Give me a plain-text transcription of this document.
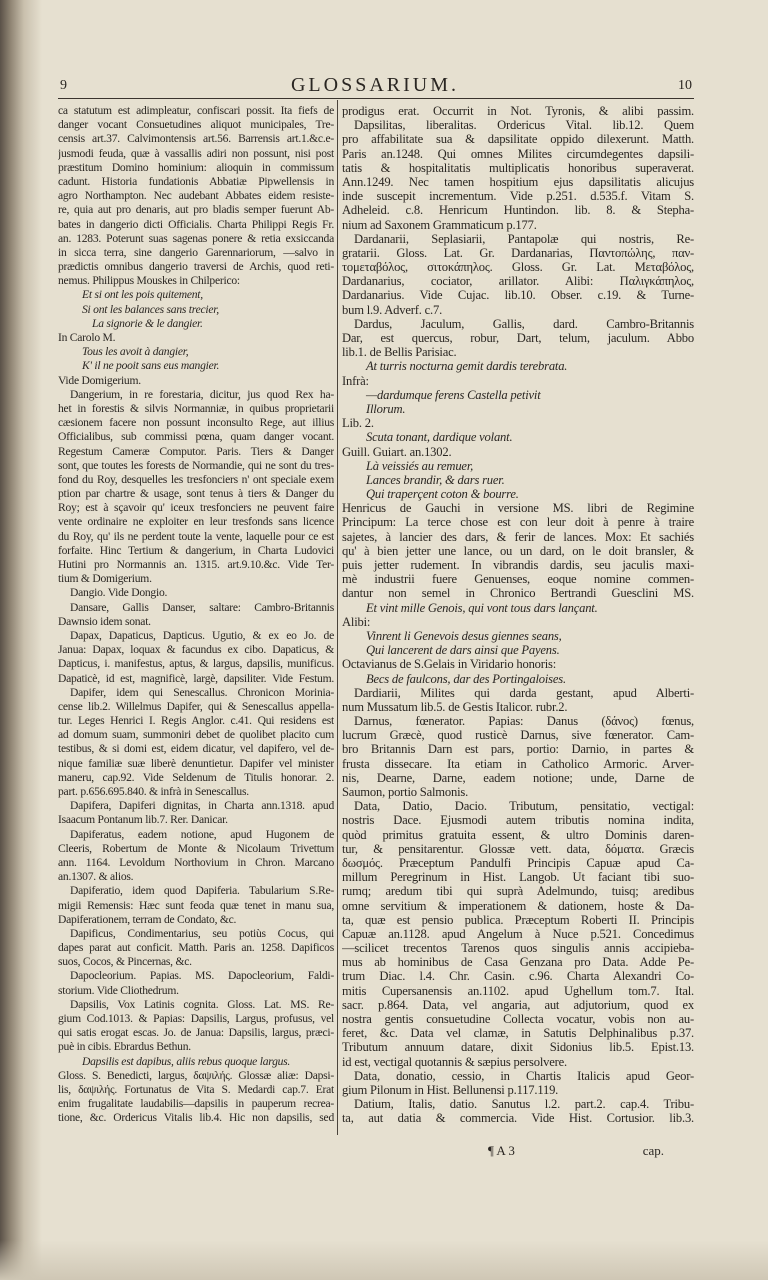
9	GLOSSARIUM.	10
ca statutum est adimpleatur, confiscari possit. Ita fiefs de
danger vocant Consuetudines aliquot municipales, Tre-
censis art.37. Calvimontensis art.56. Barrensis art.1.&c.e-
jusmodi feuda, quæ à vassallis adiri non possunt, nisi post
præstitum Domino hominium: alioquin in commissum
cadunt. Historia fundationis Abbatiæ Pipwellensis in
agro Northampton. Nec audebant Abbates eidem resiste-
re, quia aut pro denaris, aut pro bladis semper fuerunt Ab-
bates in dangerio dicti Officialis. Charta Philippi Regis Fr.
an. 1283. Poterunt suas sagenas ponere & retia exsiccanda
in sicca terra, sine dangerio Garennariorum, —salvo in
prædictis omnibus dangerio traversi de Archis, quod reti-
nemus. Philippus Mouskes in Chilperico:
Et si ont les pois quitement,
Si ont les balances sans trecier,
La signorie & le dangier.
In Carolo M.
Tous les avoit à dangier,
K' il ne pooit sans eus mangier.
Vide Domigerium.
Dangerium, in re forestaria, dicitur, jus quod Rex ha-
het in forestis & silvis Normanniæ, in quibus proprietarii
cæsionem facere non possunt inconsulto Rege, aut illius
Officialibus, sub commissi pœna, quam danger vocant.
Regestum Cameræ Computor. Paris. Tiers & Danger
sont, que toutes les forests de Normandie, qui ne sont du tres-
fond du Roy, desquelles les tresfonciers n' ont speciale exem
ption par chartre & usage, sont tenus à tiers & Danger du
Roy; est à sçavoir qu' iceux tresfonciers ne peuvent faire
vente ordinaire ne exploiter en leur tresfonds sans licence
du Roy, qu' ils ne perdent toute la vente, laquelle pour ce est
forfaite. Hinc Tertium & dangerium, in Charta Ludovici
Hutini pro Normannis an. 1315. art.9.10.&c. Vide Ter-
tium & Domigerium.
Dangio. Vide Dongio.
Dansare, Gallis Danser, saltare: Cambro-Britannis
Dawnsio idem sonat.
Dapax, Dapaticus, Dapticus. Ugutio, & ex eo Jo. de
Janua: Dapax, loquax & facundus ex cibo. Dapaticus, &
Dapticus, i. manifestus, aptus, & largus, dapsilis, munificus.
Dapaticè, id est, magnificè, largè, dapsiliter. Vide Festum.
Dapifer, idem qui Senescallus. Chronicon Morinia-
cense lib.2. Willelmus Dapifer, qui & Senescallus appella-
tur. Leges Henrici I. Regis Anglor. c.41. Qui residens est
ad domum suam, summoniri debet de quolibet placito cum
testibus, & si domi est, eidem dicatur, vel dapifero, vel de-
nique familiæ suæ liberè denuntietur. Dapifer vel minister
maneru, cap.92. Vide Seldenum de Titulis honorar. 2.
part. p.656.695.840. & infrà in Senescallus.
Dapifera, Dapiferi dignitas, in Charta ann.1318. apud
Isaacum Pontanum lib.7. Rer. Danicar.
Dapiferatus, eadem notione, apud Hugonem de
Cleeris, Robertum de Monte & Nicolaum Trivettum
ann. 1164. Levoldum Northovium in Chron. Marcano
an.1307. & alios.
Dapiferatio, idem quod Dapiferia. Tabularium S.Re-
migii Remensis: Hæc sunt feoda quæ tenet in manu sua,
Dapiferationem, terram de Condato, &c.
Dapificus, Condimentarius, seu potiùs Cocus, qui
dapes parat aut conficit. Matth. Paris an. 1258. Dapificos
suos, Cocos, & Pincernas, &c.
Dapocleorium. Papias. MS. Dapocleorium, Faldi-
storium. Vide Cliothedrum.
Dapsilis, Vox Latinis cognita. Gloss. Lat. MS. Re-
gium Cod.1013. & Papias: Dapsilis, Largus, profusus, vel
qui satis erogat escas. Jo. de Janua: Dapsilis, largus, præci-
puè in cibis. Ebrardus Bethun.
Dapsilis est dapibus, aliis rebus quoque largus.
Gloss. S. Benedicti, largus, δαψιλής. Glossæ aliæ: Dapsi-
lis, δαψιλής. Fortunatus de Vita S. Medardi cap.7. Erat
enim frugalitate laudabilis—dapsilis in pauperum recrea-
tione, &c. Ordericus Vitalis lib.4. Hic non dapsilis, sed
prodigus erat. Occurrit in Not. Tyronis, & alibi passim.
Dapsilitas, liberalitas. Ordericus Vital. lib.12. Quem
pro affabilitate sua & dapsilitate oppido dilexerunt. Matth.
Paris an.1248. Qui omnes Milites circumdegentes dapsili-
tatis & hospitalitatis multiplicatis honoribus superaverat.
Ann.1249. Nec tamen hospitium ejus dapsilitatis alicujus
inde suscepit incrementum. Vide p.251. d.535.f. Vitam S.
Adheleid. c.8. Henricum Huntindon. lib. 8. & Stepha-
nium ad Saxonem Grammaticum p.177.
Dardanarii, Seplasiarii, Pantapolæ qui nostris, Re-
gratarii. Gloss. Lat. Gr. Dardanarias, Παντοπώλης, παν-
τομεταβόλος, σιτοκάπηλος. Gloss. Gr. Lat. Μεταβόλος,
Dardanarius, cociator, arillator. Alibi: Παλιγκάπηλος,
Dardanarius. Vide Cujac. lib.10. Obser. c.19. & Turne-
bum l.9. Adverf. c.7.
Dardus, Jaculum, Gallis, dard. Cambro-Britannis
Dar, est quercus, robur, Dart, telum, jaculum. Abbo
lib.1. de Bellis Parisiac.
At turris nocturna gemit dardis terebrata.
Infrà:
—dardumque ferens Castella petivit
Illorum.
Lib. 2.
Scuta tonant, dardique volant.
Guill. Guiart. an.1302.
Là veissiés au remuer,
Lances brandir, & dars ruer.
Qui traperçent coton & bourre.
Henricus de Gauchi in versione MS. libri de Regimine
Principum: La terce chose est con leur doit à penre à traire
sajetes, à lancier des dars, & ferir de lances. Mox: Et sachiés
qu' à bien jetter une lance, ou un dard, on le doit bransler, &
puis jetter rudement. In vibrandis dardis, seu jaculis maxi-
mè industrii fuere Genuenses, eoque nomine commen-
dantur non semel in Chronico Bertrandi Guesclini MS.
Et vint mille Genois, qui vont tous dars lançant.
Alibi:
Vinrent li Genevois desus giennes seans,
Qui lancerent de dars ainsi que Payens.
Octavianus de S.Gelais in Viridario honoris:
Becs de faulcons, dar des Portingaloises.
Dardiarii, Milites qui darda gestant, apud Alberti-
num Mussatum lib.5. de Gestis Italicor. rubr.2.
Darnus, fœnerator. Papias: Danus (δάνος) fœnus,
lucrum Græcè, quod rusticè Darnus, sive fœnerator. Cam-
bro Britannis Darn est pars, portio: Darnio, in partes &
frusta dissecare. Ita etiam in Catholico Armoric. Arver-
nis, Dearne, Darne, eadem notione; unde, Darne de
Saumon, portio Salmonis.
Data, Datio, Dacio. Tributum, pensitatio, vectigal:
nostris Dace. Ejusmodi autem tributis nomina indita,
quòd primitus gratuita essent, & ultro Dominis daren-
tur, & pensitarentur. Glossæ vett. data, δόματα. Græcis
δωσμός. Præceptum Pandulfi Principis Capuæ apud Ca-
millum Peregrinum in Hist. Langob. Ut faciant tibi suo-
rumq; aredum tibi qui suprà Adelmundo, tuisq; aredibus
omne servitium & imperationem & dationem, hoste & Da-
ta, quæ est pensio publica. Præceptum Roberti II. Principis
Capuæ an.1128. apud Angelum à Nuce p.521. Concedimus
—scilicet trecentos Tarenos quos singulis annis accipieba-
mus ab hominibus de Casa Genzana pro Data. Adde Pe-
trum Diac. l.4. Chr. Casin. c.96. Charta Alexandri Co-
mitis Cupersanensis an.1102. apud Ughellum tom.7. Ital.
sacr. p.864. Data, vel angaria, aut adjutorium, quod ex
nostra gentis consuetudine Collecta vocatur, vobis non au-
feret, &c. Data vel clamæ, in Satutis Delphinalibus p.37.
Tributum annuum datare, dixit Sidonius lib.5. Epist.13.
id est, vectigal quotannis & sæpius persolvere.
Data, donatio, cessio, in Chartis Italicis apud Geor-
gium Pilonum in Hist. Bellunensi p.117.119.
Datium, Italis, datio. Sanutus l.2. part.2. cap.4. Tribu-
ta, aut datia & commercia. Vide Hist. Cortusior. lib.3.
¶ A 3	cap.
